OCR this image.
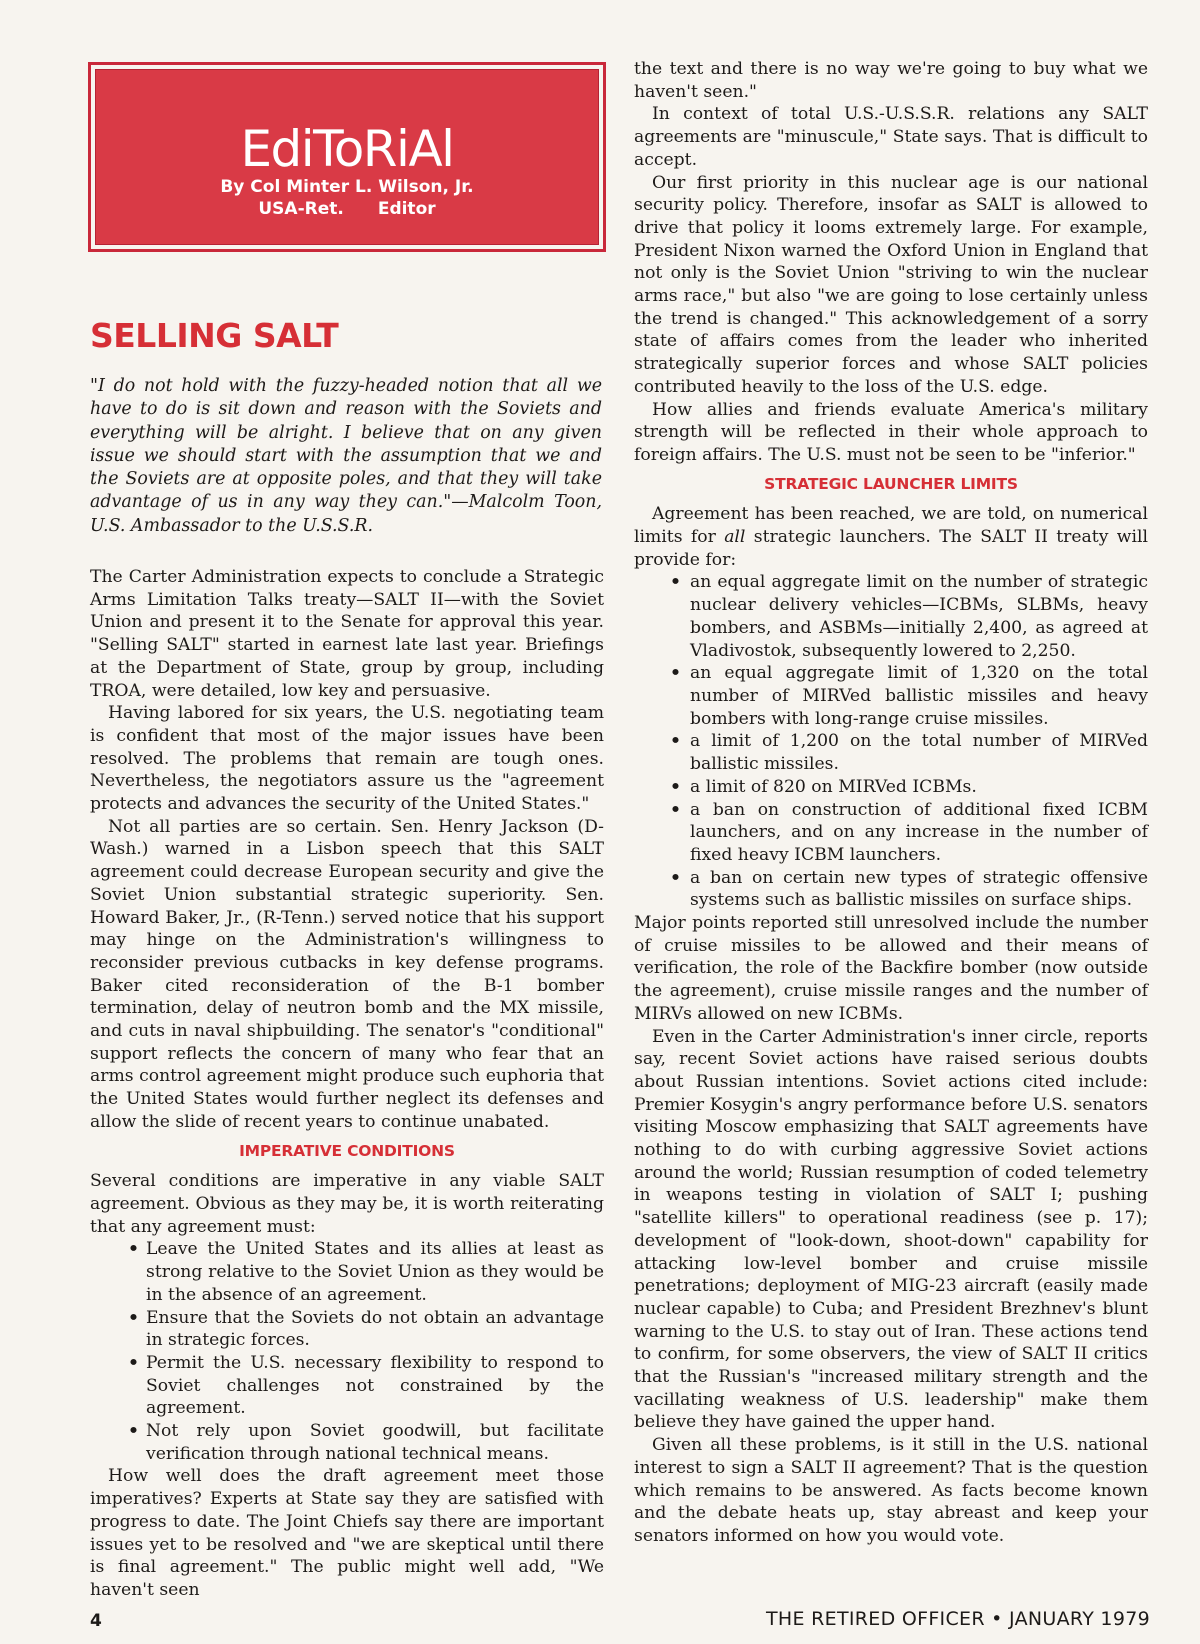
EdiToRiAl
By Col Minter L. Wilson, Jr.
USA-Ret. Editor
SELLING SALT
"I do not hold with the fuzzy-headed notion that all we have to do is sit down and reason with the Soviets and everything will be alright. I believe that on any given issue we should start with the assumption that we and the Soviets are at opposite poles, and that they will take advantage of us in any way they can."—Malcolm Toon, U.S. Ambassador to the U.S.S.R.

The Carter Administration expects to conclude a Strategic Arms Limitation Talks treaty—SALT II—with the Soviet Union and present it to the Senate for approval this year. "Selling SALT" started in earnest late last year. Briefings at the Department of State, group by group, including TROA, were detailed, low key and persuasive.

Having labored for six years, the U.S. negotiating team is confident that most of the major issues have been resolved. The problems that remain are tough ones. Nevertheless, the negotiators assure us the "agreement protects and advances the security of the United States."

Not all parties are so certain. Sen. Henry Jackson (D-Wash.) warned in a Lisbon speech that this SALT agreement could decrease European security and give the Soviet Union substantial strategic superiority. Sen. Howard Baker, Jr., (R-Tenn.) served notice that his support may hinge on the Administration's willingness to reconsider previous cutbacks in key defense programs. Baker cited reconsideration of the B-1 bomber termination, delay of neutron bomb and the MX missile, and cuts in naval shipbuilding. The senator's "conditional" support reflects the concern of many who fear that an arms control agreement might produce such euphoria that the United States would further neglect its defenses and allow the slide of recent years to continue unabated.

IMPERATIVE CONDITIONS

Several conditions are imperative in any viable SALT agreement. Obvious as they may be, it is worth reiterating that any agreement must:

• Leave the United States and its allies at least as strong relative to the Soviet Union as they would be in the absence of an agreement.
• Ensure that the Soviets do not obtain an advantage in strategic forces.
• Permit the U.S. necessary flexibility to respond to Soviet challenges not constrained by the agreement.
• Not rely upon Soviet goodwill, but facilitate verification through national technical means.

How well does the draft agreement meet those imperatives? Experts at State say they are satisfied with progress to date. The Joint Chiefs say there are important issues yet to be resolved and "we are skeptical until there is final agreement." The public might well add, "We haven't seen

the text and there is no way we're going to buy what we haven't seen."

In context of total U.S.-U.S.S.R. relations any SALT agreements are "minuscule," State says. That is difficult to accept.

Our first priority in this nuclear age is our national security policy. Therefore, insofar as SALT is allowed to drive that policy it looms extremely large. For example, President Nixon warned the Oxford Union in England that not only is the Soviet Union "striving to win the nuclear arms race," but also "we are going to lose certainly unless the trend is changed." This acknowledgement of a sorry state of affairs comes from the leader who inherited strategically superior forces and whose SALT policies contributed heavily to the loss of the U.S. edge.

How allies and friends evaluate America's military strength will be reflected in their whole approach to foreign affairs. The U.S. must not be seen to be "inferior."

STRATEGIC LAUNCHER LIMITS

Agreement has been reached, we are told, on numerical limits for all strategic launchers. The SALT II treaty will provide for:

• an equal aggregate limit on the number of strategic nuclear delivery vehicles—ICBMs, SLBMs, heavy bombers, and ASBMs—initially 2,400, as agreed at Vladivostok, subsequently lowered to 2,250.
• an equal aggregate limit of 1,320 on the total number of MIRVed ballistic missiles and heavy bombers with long-range cruise missiles.
• a limit of 1,200 on the total number of MIRVed ballistic missiles.
• a limit of 820 on MIRVed ICBMs.
• a ban on construction of additional fixed ICBM launchers, and on any increase in the number of fixed heavy ICBM launchers.
• a ban on certain new types of strategic offensive systems such as ballistic missiles on surface ships.

Major points reported still unresolved include the number of cruise missiles to be allowed and their means of verification, the role of the Backfire bomber (now outside the agreement), cruise missile ranges and the number of MIRVs allowed on new ICBMs.

Even in the Carter Administration's inner circle, reports say, recent Soviet actions have raised serious doubts about Russian intentions. Soviet actions cited include: Premier Kosygin's angry performance before U.S. senators visiting Moscow emphasizing that SALT agreements have nothing to do with curbing aggressive Soviet actions around the world; Russian resumption of coded telemetry in weapons testing in violation of SALT I; pushing "satellite killers" to operational readiness (see p. 17); development of "look-down, shoot-down" capability for attacking low-level bomber and cruise missile penetrations; deployment of MIG-23 aircraft (easily made nuclear capable) to Cuba; and President Brezhnev's blunt warning to the U.S. to stay out of Iran. These actions tend to confirm, for some observers, the view of SALT II critics that the Russian's "increased military strength and the vacillating weakness of U.S. leadership" make them believe they have gained the upper hand.

Given all these problems, is it still in the U.S. national interest to sign a SALT II agreement? That is the question which remains to be answered. As facts become known and the debate heats up, stay abreast and keep your senators informed on how you would vote.

4	THE RETIRED OFFICER • JANUARY 1979
